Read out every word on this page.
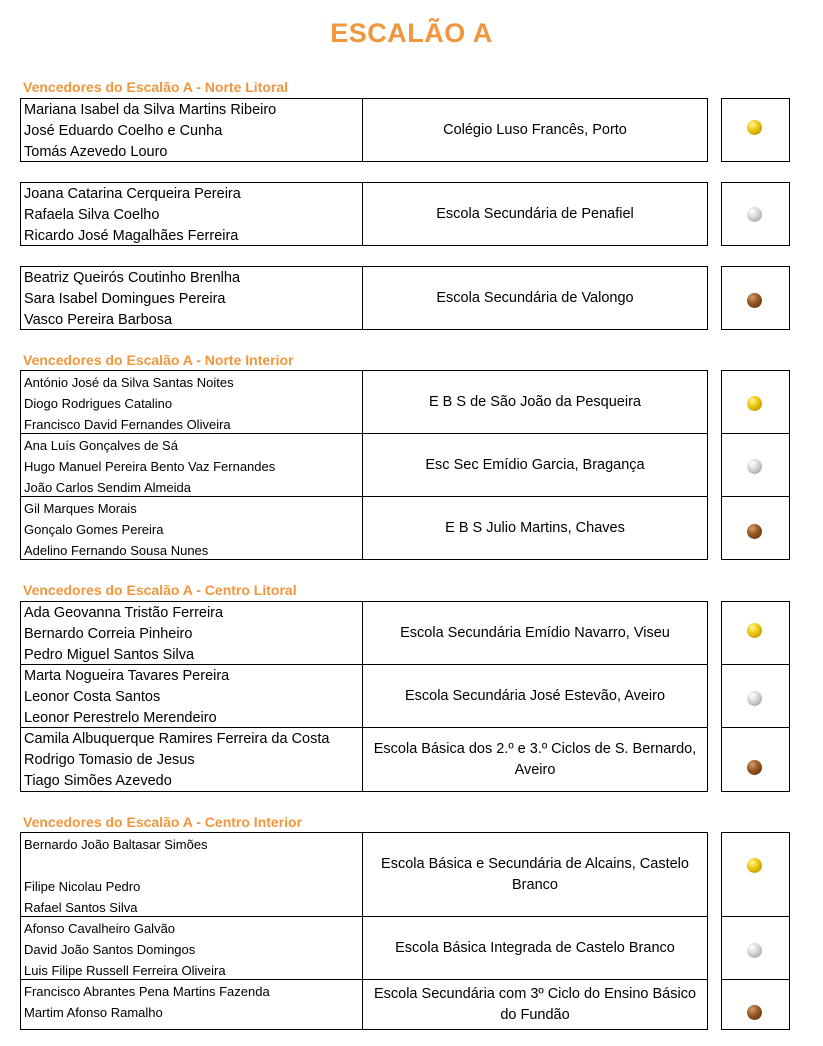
ESCALÃO A
Vencedores do Escalão A - Norte Litoral
Mariana Isabel da Silva Martins Ribeiro
José Eduardo Coelho e Cunha
Tomás Azevedo Louro
Colégio Luso Francês, Porto
Joana Catarina Cerqueira Pereira
Rafaela Silva Coelho
Ricardo José Magalhães Ferreira
Escola Secundária de Penafiel
Beatriz Queirós Coutinho Brenlha
Sara Isabel Domingues Pereira
Vasco Pereira Barbosa
Escola Secundária de Valongo
Vencedores do Escalão A - Norte Interior
António José da Silva Santas Noites
Diogo Rodrigues Catalino
Francisco David Fernandes Oliveira
E B S de São João da Pesqueira
Ana Luís Gonçalves de Sá
Hugo Manuel Pereira Bento Vaz Fernandes
João Carlos Sendim Almeida
Esc Sec Emídio Garcia, Bragança
Gil Marques Morais
Gonçalo Gomes Pereira
Adelino Fernando Sousa Nunes
E B S Julio Martins, Chaves
Vencedores do Escalão A - Centro Litoral
Ada Geovanna Tristão Ferreira
Bernardo Correia Pinheiro
Pedro Miguel Santos Silva
Escola Secundária Emídio Navarro, Viseu
Marta Nogueira Tavares Pereira
Leonor Costa Santos
Leonor Perestrelo Merendeiro
Escola Secundária José Estevão, Aveiro
Camila Albuquerque Ramires Ferreira da Costa
Rodrigo Tomasio de Jesus
Tiago Simões Azevedo
Escola Básica dos 2.º e 3.º Ciclos de S. Bernardo, Aveiro
Vencedores do Escalão A - Centro Interior
Bernardo João Baltasar Simões
Filipe Nicolau Pedro
Rafael Santos Silva
Escola Básica e Secundária de Alcains, Castelo Branco
Afonso Cavalheiro Galvão
David João Santos Domingos
Luis Filipe Russell Ferreira Oliveira
Escola Básica Integrada de Castelo Branco
Francisco Abrantes Pena Martins Fazenda
Martim Afonso Ramalho
Escola Secundária com 3º Ciclo do Ensino Básico do Fundão
